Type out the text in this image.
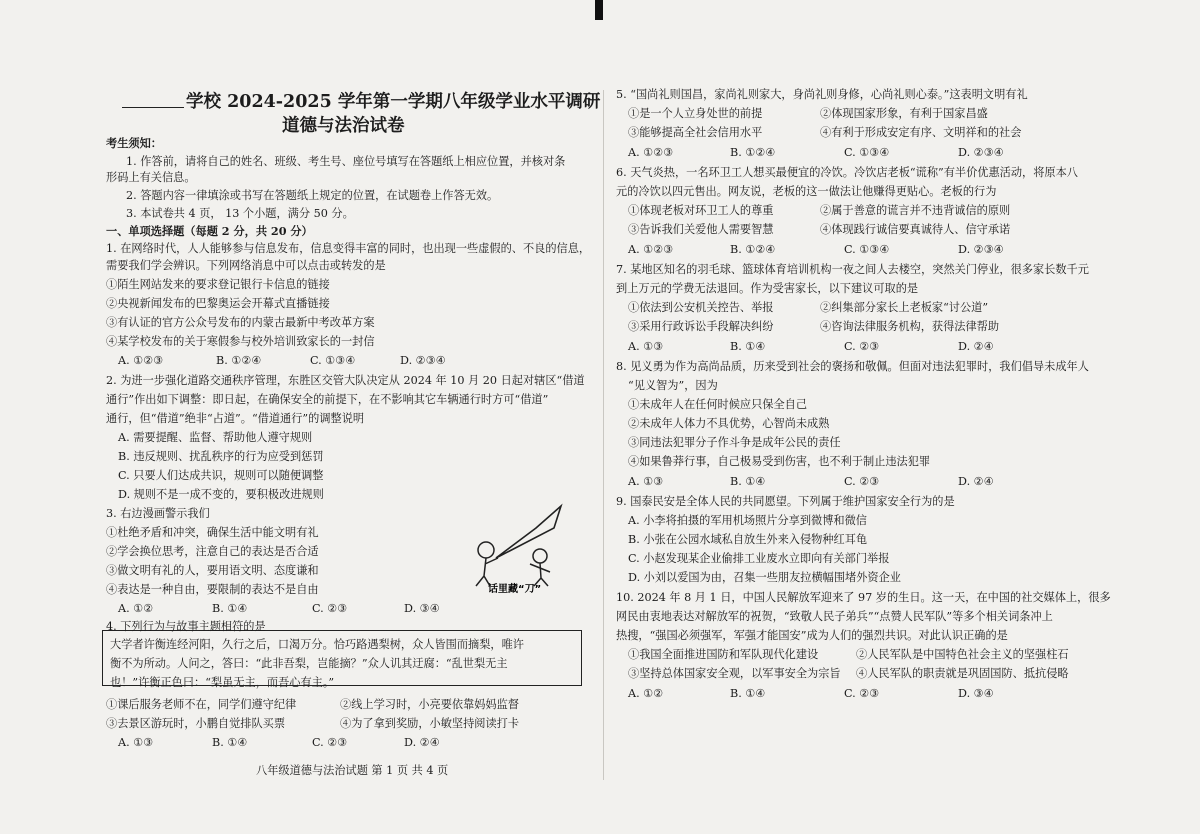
话里藏“刀”
学校 2024-2025 学年第一学期八年级学业水平调研
道德与法治试卷
考生须知：
1. 作答前，请将自己的姓名、班级、考生号、座位号填写在答题纸上相应位置，并核对条
形码上有关信息。
2. 答题内容一律填涂或书写在答题纸上规定的位置，在试题卷上作答无效。
3. 本试卷共 4 页， 13 个小题，满分 50 分。
一、单项选择题（每题 2 分，共 20 分）
1. 在网络时代，人人能够参与信息发布，信息变得丰富的同时，也出现一些虚假的、不良的信息，
需要我们学会辨识。下列网络消息中可以点击或转发的是
①陌生网站发来的要求登记银行卡信息的链接
②央视新闻发布的巴黎奥运会开幕式直播链接
③有认证的官方公众号发布的内蒙古最新中考改革方案
④某学校发布的关于寒假参与校外培训致家长的一封信
A. ①②③	B. ①②④	C. ①③④	D. ②③④
2. 为进一步强化道路交通秩序管理，东胜区交管大队决定从 2024 年 10 月 20 日起对辖区“借道
通行”作出如下调整：即日起，在确保安全的前提下，在不影响其它车辆通行时方可“借道”
通行，但“借道”绝非“占道”。“借道通行”的调整说明
A. 需要提醒、监督、帮助他人遵守规则
B. 违反规则、扰乱秩序的行为应受到惩罚
C. 只要人们达成共识，规则可以随便调整
D. 规则不是一成不变的，要积极改进规则
3. 右边漫画警示我们
①杜绝矛盾和冲突，确保生活中能文明有礼
②学会换位思考，注意自己的表达是否合适
③做文明有礼的人，要用语文明、态度谦和
④表达是一种自由，要限制的表达不是自由
A. ①②	B. ①④	C. ②③	D. ③④
4. 下列行为与故事主题相符的是
大学者许衡连经河阳，久行之后，口渴万分。恰巧路遇梨树，众人皆围而摘梨，唯许
衡不为所动。人问之，答曰：“此非吾梨，岂能摘？”众人讥其迂腐：“乱世梨无主
也！”许衡正色曰：“梨虽无主，而吾心有主。”
①课后服务老师不在，同学们遵守纪律	②线上学习时，小亮要依靠妈妈监督
③去景区游玩时，小鹏自觉排队买票	④为了拿到奖励，小敏坚持阅读打卡
A. ①③	B. ①④	C. ②③	D. ②④
八年级道德与法治试题 第 1 页 共 4 页
5. “国尚礼则国昌，家尚礼则家大，身尚礼则身修，心尚礼则心泰。”这表明文明有礼
①是一个人立身处世的前提	②体现国家形象，有利于国家昌盛
③能够提高全社会信用水平	④有利于形成安定有序、文明祥和的社会
A. ①②③	B. ①②④	C. ①③④	D. ②③④
6. 天气炎热，一名环卫工人想买最便宜的冷饮。冷饮店老板“谎称”有半价优惠活动，将原本八
元的冷饮以四元售出。网友说，老板的这一做法让他赚得更贴心。老板的行为
①体现老板对环卫工人的尊重	②属于善意的谎言并不违背诚信的原则
③告诉我们关爱他人需要智慧	④体现践行诚信要真诚待人、信守承诺
A. ①②③	B. ①②④	C. ①③④	D. ②③④
7. 某地区知名的羽毛球、篮球体育培训机构一夜之间人去楼空，突然关门停业，很多家长数千元
到上万元的学费无法退回。作为受害家长，以下建议可取的是
①依法到公安机关控告、举报	②纠集部分家长上老板家“讨公道”
③采用行政诉讼手段解决纠纷	④咨询法律服务机构，获得法律帮助
A. ①③	B. ①④	C. ②③	D. ②④
8. 见义勇为作为高尚品质，历来受到社会的褒扬和敬佩。但面对违法犯罪时，我们倡导未成年人
“见义智为”，因为
①未成年人在任何时候应只保全自己
②未成年人体力不具优势，心智尚未成熟
③同违法犯罪分子作斗争是成年公民的责任
④如果鲁莽行事，自己极易受到伤害，也不利于制止违法犯罪
A. ①③	B. ①④	C. ②③	D. ②④
9. 国泰民安是全体人民的共同愿望。下列属于维护国家安全行为的是
A. 小李将拍摄的军用机场照片分享到微博和微信
B. 小张在公园水域私自放生外来入侵物种红耳龟
C. 小赵发现某企业偷排工业废水立即向有关部门举报
D. 小刘以爱国为由，召集一些朋友拉横幅围堵外资企业
10. 2024 年 8 月 1 日，中国人民解放军迎来了 97 岁的生日。这一天，在中国的社交媒体上，很多
网民由衷地表达对解放军的祝贺，“致敬人民子弟兵”“点赞人民军队”等多个相关词条冲上
热搜，“强国必须强军，军强才能国安”成为人们的强烈共识。对此认识正确的是
①我国全面推进国防和军队现代化建设	②人民军队是中国特色社会主义的坚强柱石
③坚持总体国家安全观，以军事安全为宗旨 ④人民军队的职责就是巩固国防、抵抗侵略
A. ①②	B. ①④	C. ②③	D. ③④
